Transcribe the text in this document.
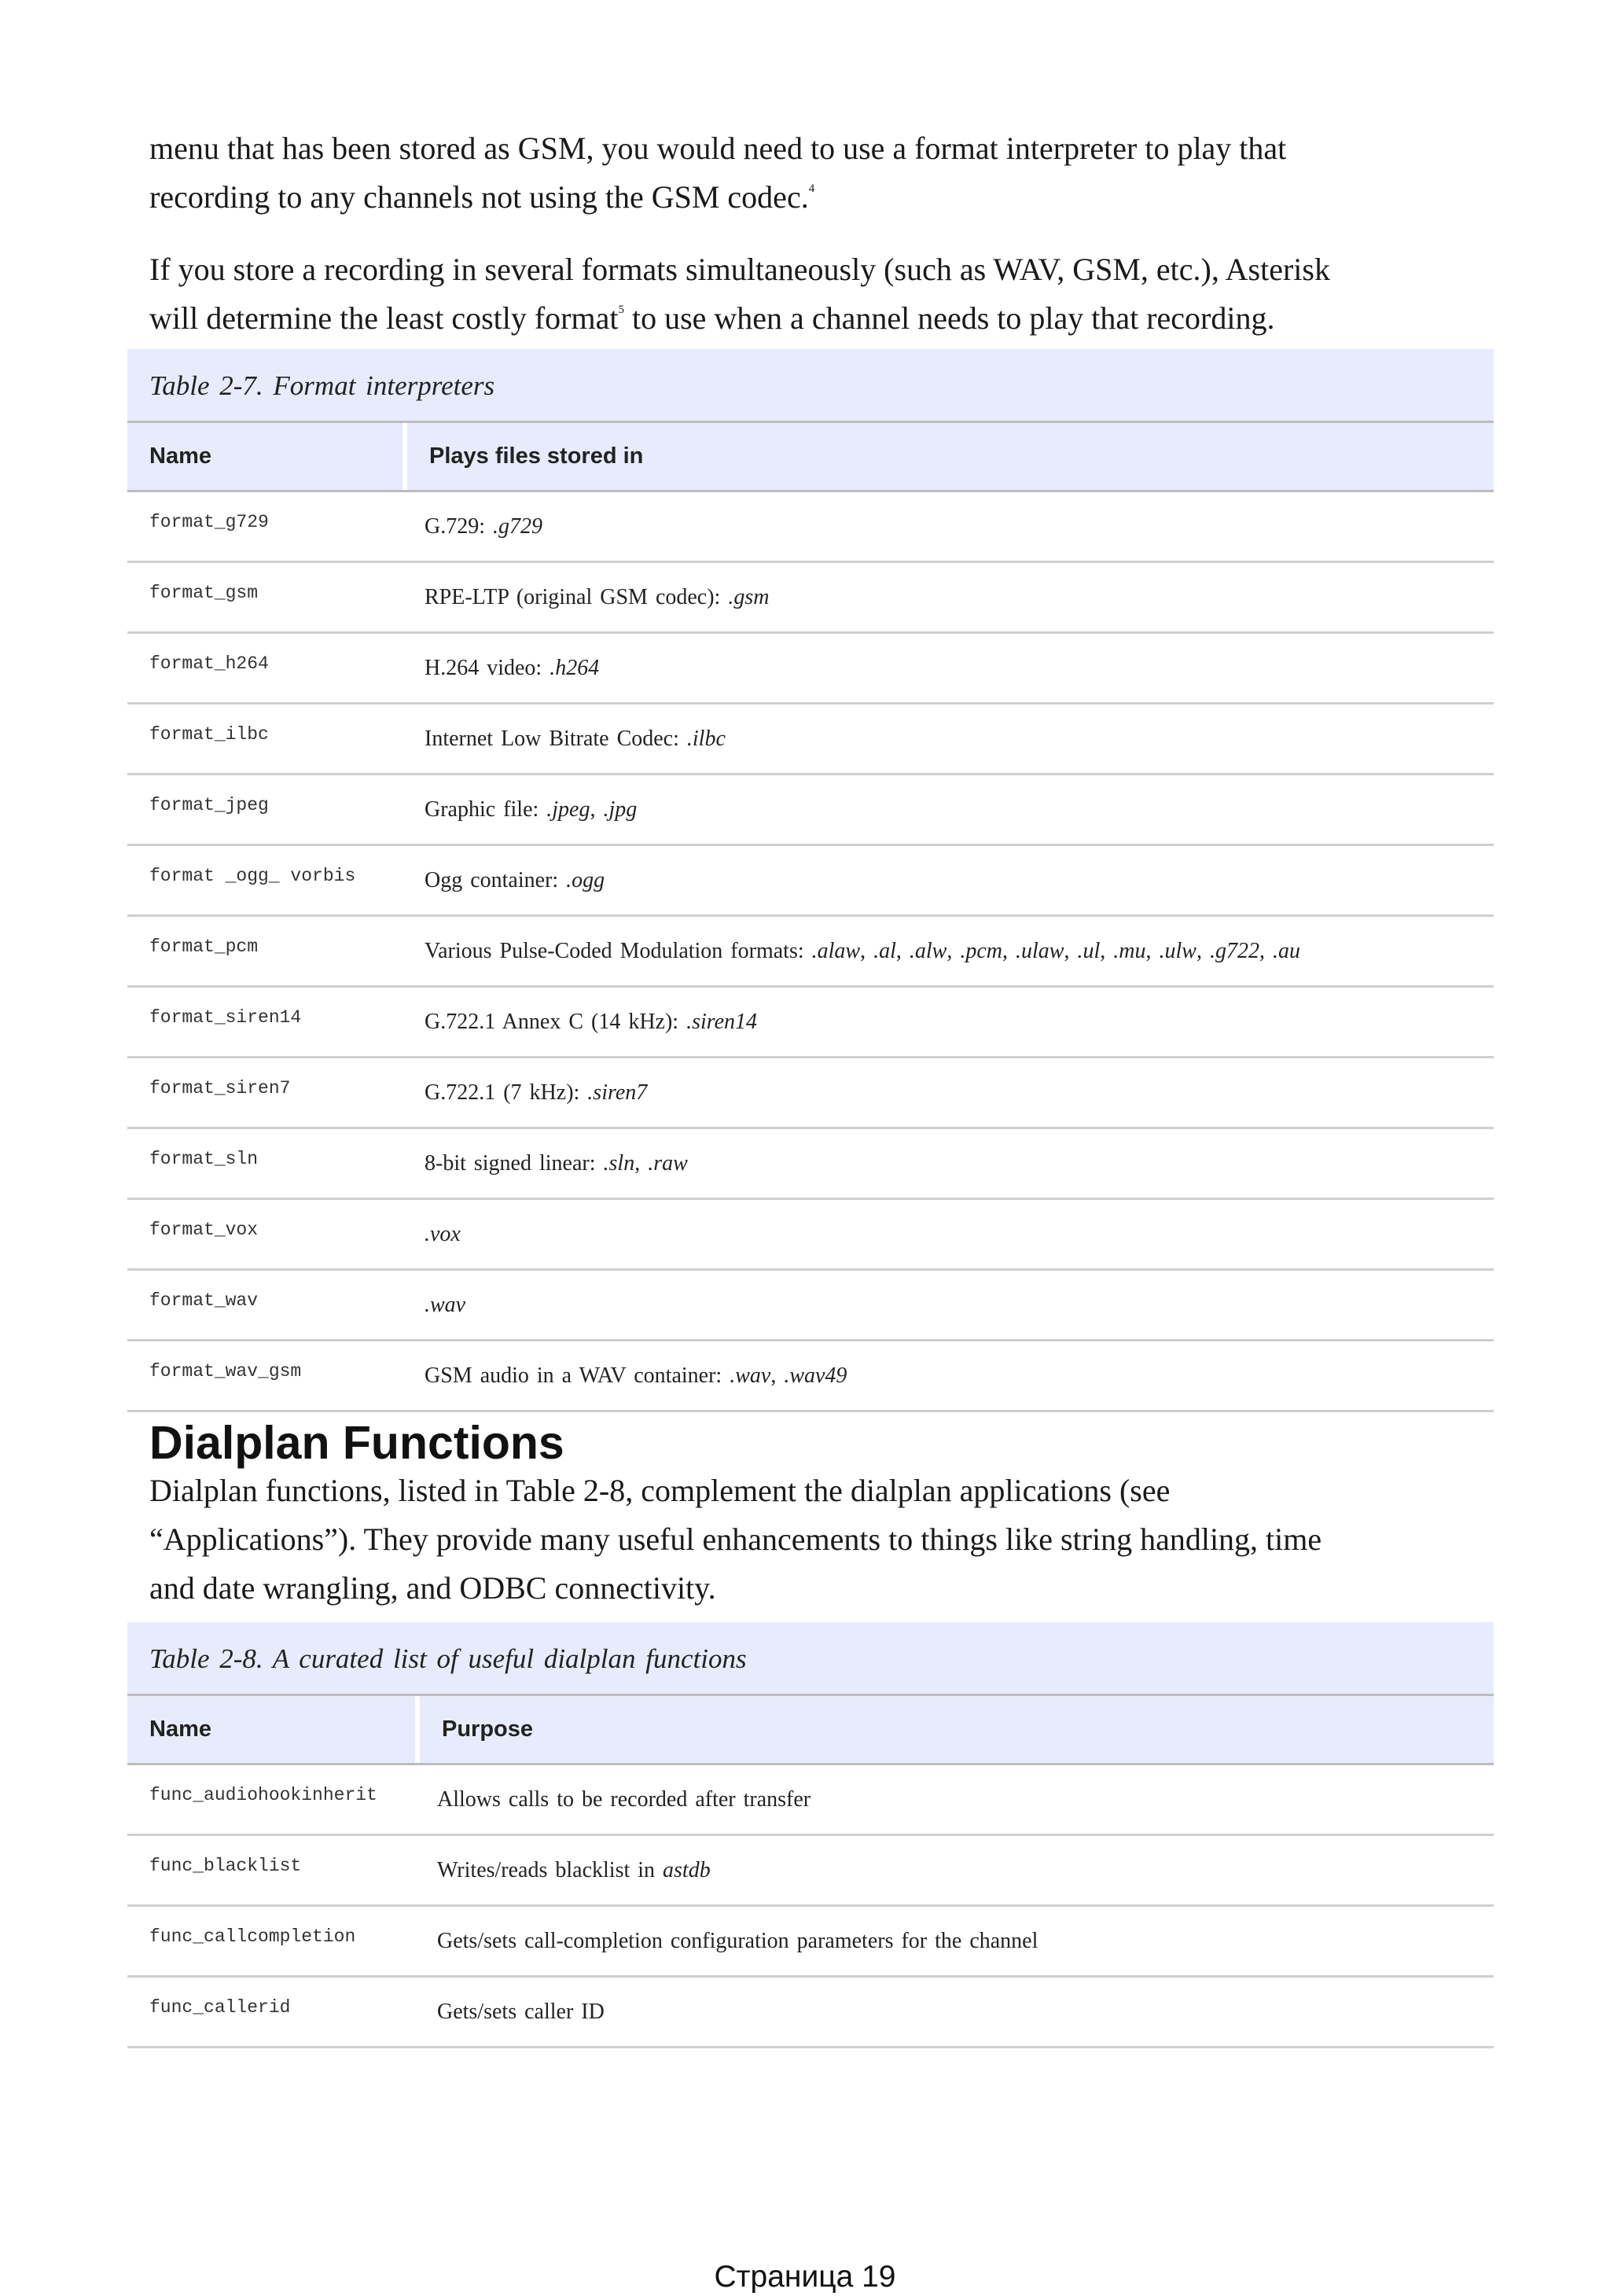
menu that has been stored as GSM, you would need to use a format interpreter to play that
recording to any channels not using the GSM codec.$^4$

If you store a recording in several formats simultaneously (such as WAV, GSM, etc.), Asterisk
will determine the least costly format$^5$ to use when a channel needs to play that recording.

Table 2-7. Format interpreters
Name	Plays files stored in
format_g729	G.729: .g729
format_gsm	RPE-LTP (original GSM codec): .gsm
format_h264	H.264 video: .h264
format_ilbc	Internet Low Bitrate Codec: .ilbc
format_jpeg	Graphic file: .jpeg, .jpg
format _ogg_ vorbis	Ogg container: .ogg
format_pcm	Various Pulse-Coded Modulation formats: .alaw, .al, .alw, .pcm, .ulaw, .ul, .mu, .ulw, .g722, .au
format_siren14	G.722.1 Annex C (14 kHz): .siren14
format_siren7	G.722.1 (7 kHz): .siren7
format_sln	8-bit signed linear: .sln, .raw
format_vox	.vox
format_wav	.wav
format_wav_gsm	GSM audio in a WAV container: .wav, .wav49
Dialplan Functions

Dialplan functions, listed in Table 2-8, complement the dialplan applications (see
“Applications”). They provide many useful enhancements to things like string handling, time
and date wrangling, and ODBC connectivity.

Table 2-8. A curated list of useful dialplan functions
Name	Purpose
func_audiohookinherit	Allows calls to be recorded after transfer
func_blacklist	Writes/reads blacklist in astdb
func_callcompletion	Gets/sets call-completion configuration parameters for the channel
func_callerid	Gets/sets caller ID
Страница 19
